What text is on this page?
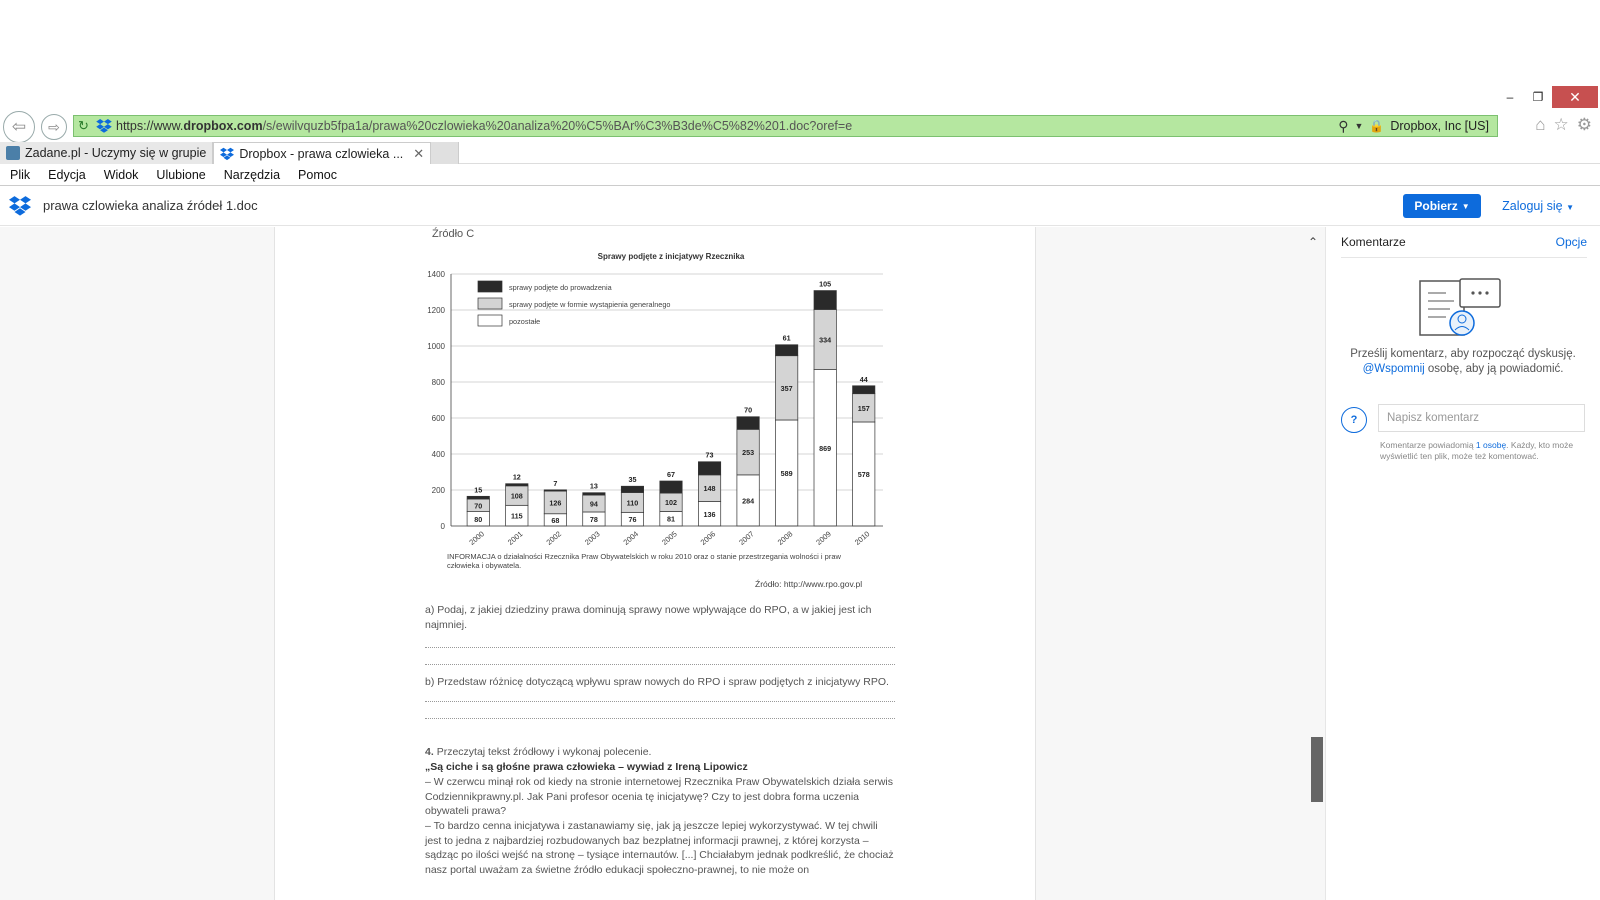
–	❐	✕
⇦ ⇨ ↻	https://www.dropbox.com/s/ewilvquzb5fpa1a/prawa%20czlowieka%20analiza%20%C5%BAr%C3%B3de%C5%82%201.doc?oref=e	⚲ ▼ 🔒 Dropbox, Inc [US]	⌂ ☆ ⚙
Zadane.pl - Uczymy się w grupie	Dropbox - prawa czlowieka ... ✕
Plik Edycja Widok Ulubione Narzędzia Pomoc
prawa czlowieka analiza źródeł 1.doc	Pobierz ▼	Zaloguj się ▼
Źródło C
Sprawy podjęte z inicjatywy Rzecznika
80
70
15
115
108
12
68
126
7
78
94
13
76
110
35
81
102
67
136
148
73
284
253
70
589
357
61
869
334
105
578
157
44
0
200
400
600
800
1000
1200
1400
2000	2001	2002	2003	2004	2005	2006	2007	2008	2009	2010
sprawy podjęte do prowadzenia
sprawy podjęte w formie wystąpienia generalnego
pozostałe
INFORMACJA o działalności Rzecznika Praw Obywatelskich w roku 2010 oraz o stanie przestrzegania wolności i praw człowieka i obywatela.
Źródło: http://www.rpo.gov.pl
a) Podaj, z jakiej dziedziny prawa dominują sprawy nowe wpływające do RPO, a w jakiej jest ich najmniej.
b) Przedstaw różnicę dotyczącą wpływu spraw nowych do RPO i spraw podjętych z inicjatywy RPO.
4. Przeczytaj tekst źródłowy i wykonaj polecenie.
„Są ciche i są głośne prawa człowieka – wywiad z Ireną Lipowicz
– W czerwcu minął rok od kiedy na stronie internetowej Rzecznika Praw Obywatelskich działa serwis Codziennikprawny.pl. Jak Pani profesor ocenia tę inicjatywę? Czy to jest dobra forma uczenia obywateli prawa?
– To bardzo cenna inicjatywa i zastanawiamy się, jak ją jeszcze lepiej wykorzystywać. W tej chwili jest to jedna z najbardziej rozbudowanych baz bezpłatnej informacji prawnej, z której korzysta – sądząc po ilości wejść na stronę – tysiące internautów. [...] Chciałabym jednak podkreślić, że chociaż nasz portal uważam za świetne źródło edukacji społeczno-prawnej, to nie może on
⌃ Komentarze	Opcje
Prześlij komentarz, aby rozpocząć dyskusję.
@Wspomnij osobę, aby ją powiadomić.
?	Napisz komentarz
Komentarze powiadomią 1 osobę. Każdy, kto może wyświetlić ten plik, może też komentować.
